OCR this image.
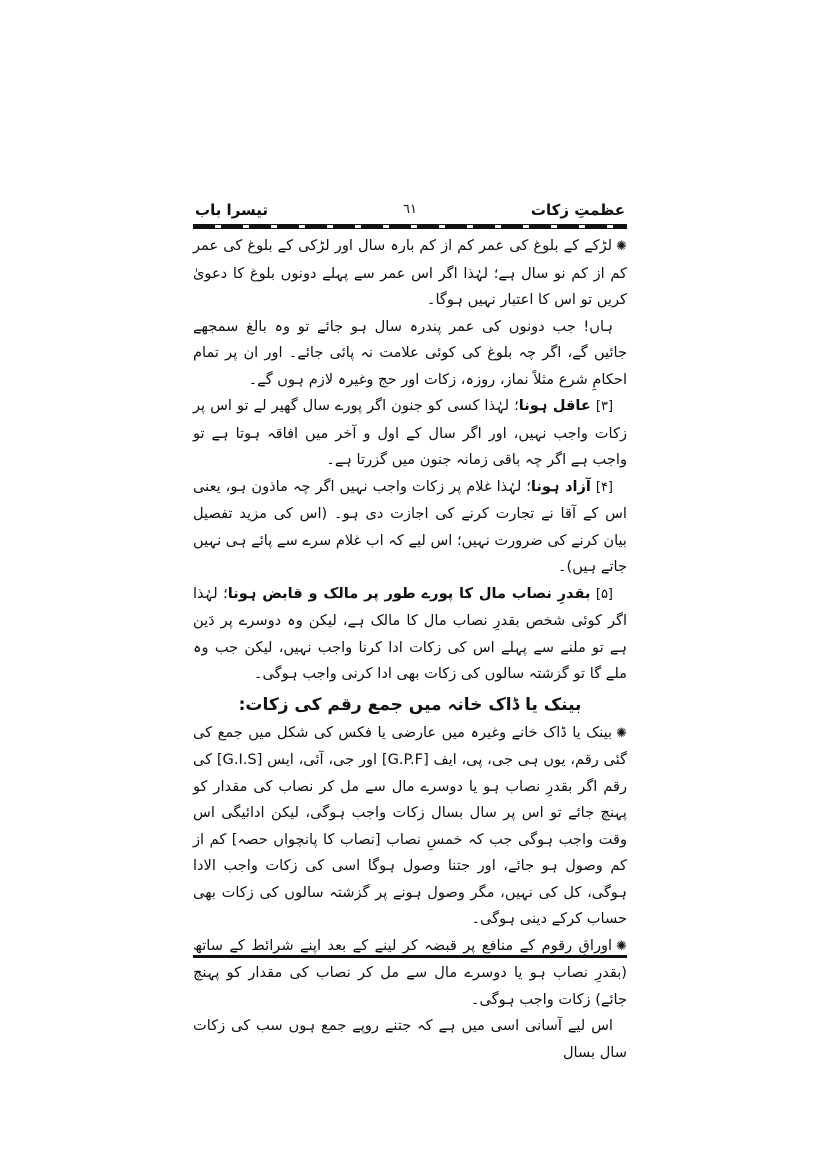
عظمتِ زکات
٦١
تیسرا باب

✺لڑکے کے بلوغ کی عمر کم از کم بارہ سال اور لڑکی کے بلوغ کی عمر کم از کم نو سال ہے؛ لہٰذا اگر اس عمر سے پہلے دونوں بلوغ کا دعویٰ کریں تو اس کا اعتبار نہیں ہوگا۔

ہاں! جب دونوں کی عمر پندرہ سال ہو جائے تو وہ بالغ سمجھے جائیں گے، اگر چہ بلوغ کی کوئی علامت نہ پائی جائے۔ اور ان پر تمام احکامِ شرع مثلاً نماز، روزہ، زکات اور حج وغیرہ لازم ہوں گے۔

[۳] عاقل ہونا؛ لہٰذا کسی کو جنون اگر پورے سال گھیر لے تو اس پر زکات واجب نہیں، اور اگر سال کے اول و آخر میں افاقہ ہوتا ہے تو واجب ہے اگر چہ باقی زمانہ جنون میں گزرتا ہے۔

[۴] آزاد ہونا؛ لہٰذا غلام پر زکات واجب نہیں اگر چہ ماذون ہو، یعنی اس کے آقا نے تجارت کرنے کی اجازت دی ہو۔ (اس کی مزید تفصیل بیان کرنے کی ضرورت نہیں؛ اس لیے کہ اب غلام سرے سے پائے ہی نہیں جاتے ہیں)۔

[۵] بقدرِ نصاب مال کا پورے طور پر مالک و قابض ہونا؛ لہٰذا اگر کوئی شخص بقدرِ نصاب مال کا مالک ہے، لیکن وہ دوسرے پر دَین ہے تو ملنے سے پہلے اس کی زکات ادا کرنا واجب نہیں، لیکن جب وہ ملے گا تو گزشتہ سالوں کی زکات بھی ادا کرنی واجب ہوگی۔

بینک یا ڈاک خانہ میں جمع رقم کی زکات:

✺بینک یا ڈاک خانے وغیرہ میں عارضی یا فکس کی شکل میں جمع کی گئی رقم، یوں ہی جی، پی، ایف [G.P.F] اور جی، آئی، ایس [G.I.S] کی رقم اگر بقدرِ نصاب ہو یا دوسرے مال سے مل کر نصاب کی مقدار کو پہنچ جائے تو اس پر سال بسال زکات واجب ہوگی، لیکن ادائیگی اس وقت واجب ہوگی جب کہ خمسِ نصاب [نصاب کا پانچواں حصہ] کم از کم وصول ہو جائے، اور جتنا وصول ہوگا اسی کی زکات واجب الادا ہوگی، کل کی نہیں، مگر وصول ہونے پر گزشتہ سالوں کی زکات بھی حساب کرکے دینی ہوگی۔

✺اوراقِ رقوم کے منافع پر قبضہ کر لینے کے بعد اپنے شرائط کے ساتھ (بقدرِ نصاب ہو یا دوسرے مال سے مل کر نصاب کی مقدار کو پہنچ جائے) زکات واجب ہوگی۔

اس لیے آسانی اسی میں ہے کہ جتنے روپے جمع ہوں سب کی زکات سال بسال
